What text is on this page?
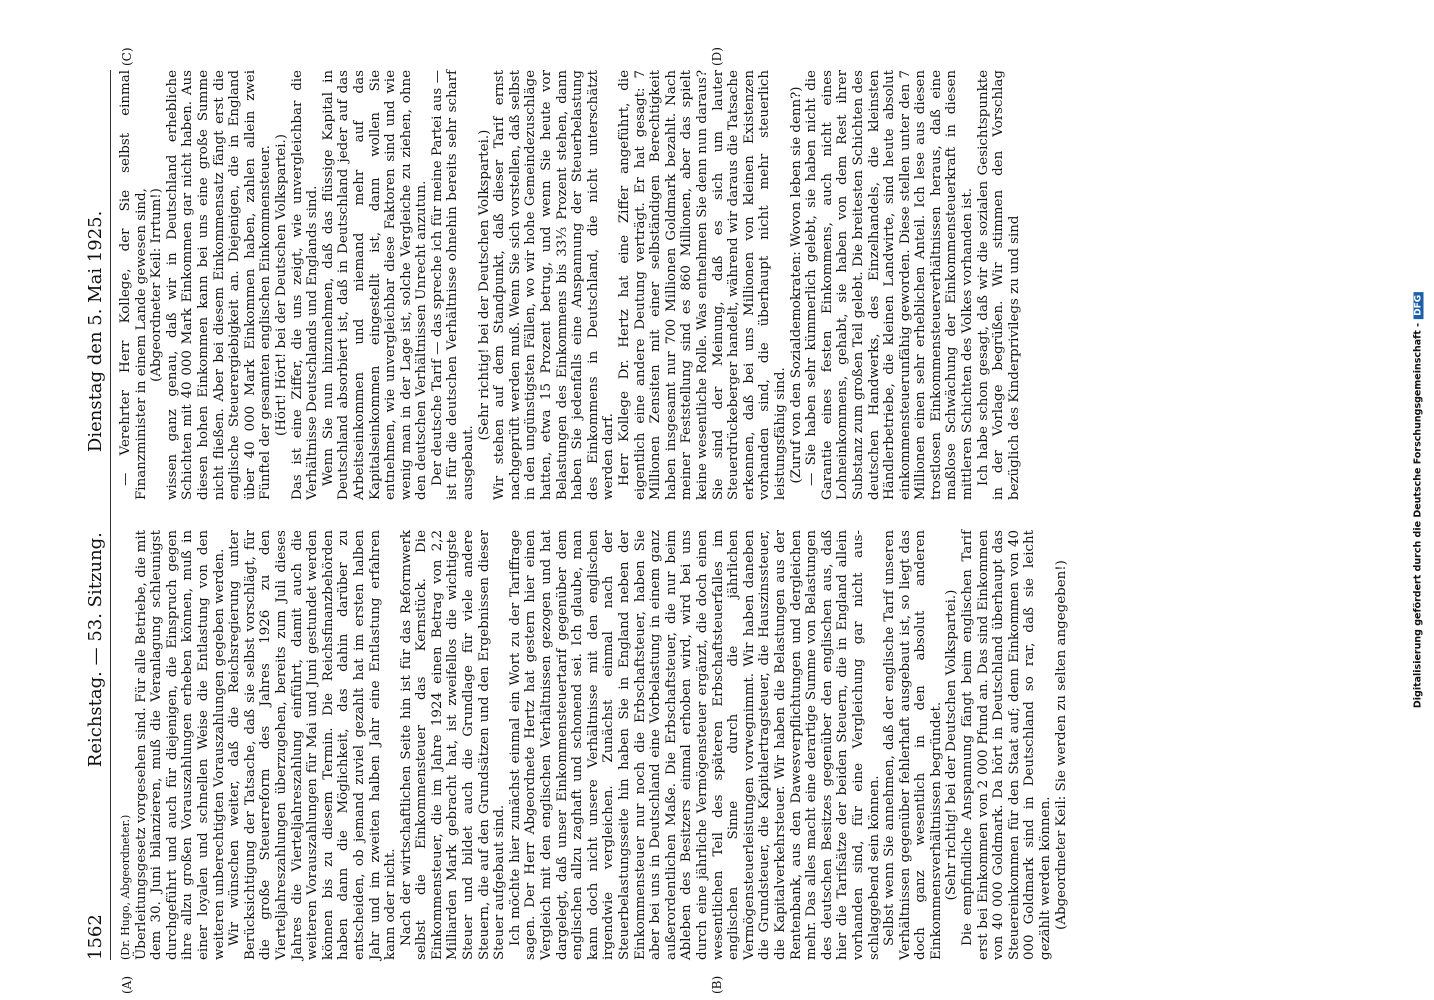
1562
Reichstag. — 53. Sitzung.
Dienstag den 5. Mai 1925.
(A)	(B)
(C)	(D)

(Dr. Hugo, Abgeordneter.) Überleitungsgesetz vorgesehen sind. Für alle Betriebe, die mit dem 30. Juni bilanzieren, muß die Veranlagung schleunigst durchgeführt und auch für diejenigen, die Einspruch gegen ihre allzu großen Vorauszahlungen erheben können, muß in einer loyalen und schnellen Weise die Entlastung von den weiteren unberechtigten Vorauszahlungen gegeben werden. Wir wünschen weiter, daß die Reichsregierung unter Berücksichtigung der Tatsache, daß sie selbst vorschlägt, für die große Steuerreform des Jahres 1926 zu den Vierteljahreszahlungen überzugehen, bereits zum Juli dieses Jahres die Vierteljahreszahlung einführt, damit auch die weiteren Vorauszahlungen für Mai und Juni gestundet werden können bis zu diesem Termin. Die Reichsfinanzbehörden haben dann die Möglichkeit, das dahin darüber zu entscheiden, ob jemand zuviel gezahlt hat im ersten halben Jahr und im zweiten halben Jahr eine Entlastung erfahren kann oder nicht. Nach der wirtschaftlichen Seite hin ist für das Reformwerk selbst die Einkommensteuer das Kernstück. Die Einkommensteuer, die im Jahre 1924 einen Betrag von 2,2 Milliarden Mark gebracht hat, ist zweifellos die wichtigste Steuer und bildet auch die Grundlage für viele andere Steuern, die auf den Grundsätzen und den Ergebnissen dieser Steuer aufgebaut sind. Ich möchte hier zunächst einmal ein Wort zu der Tariffrage sagen. Der Herr Abgeordnete Hertz hat gestern hier einen Vergleich mit den englischen Verhältnissen gezogen und hat dargelegt, daß unser Einkommensteuertarif gegenüber dem englischen allzu zaghaft und schonend sei. Ich glaube, man kann doch nicht unsere Verhältnisse mit den englischen irgendwie vergleichen. Zunächst einmal nach der Steuerbelastungsseite hin haben Sie in England neben der Einkommensteuer nur noch die Erbschaftsteuer, haben Sie aber bei uns in Deutschland eine Vorbelastung in einem ganz außerordentlichen Maße. Die Erbschaftsteuer, die nur beim Ableben des Besitzers einmal erhoben wird, wird bei uns durch eine jährliche Vermögensteuer ergänzt, die doch einen wesentlichen Teil des späteren Erbschaftsteuerfalles im englischen Sinne durch die jährlichen Vermögensteuerleistungen vorwegnimmt. Wir haben daneben die Grundsteuer, die Kapitalertragsteuer, die Hauszinssteuer, die Kapitalverkehrsteuer. Wir haben die Belastungen aus der Rentenbank, aus den Dawesverpflichtungen und dergleichen mehr. Das alles macht eine derartige Summe von Belastungen des deutschen Besitzes gegenüber den englischen aus, daß hier die Tarifsätze der beiden Steuern, die in England allein vorhanden sind, für eine Vergleichung gar nicht ausschlaggebend sein können. Selbst wenn Sie annehmen, daß der englische Tarif unseren Verhältnissen gegenüber fehlerhaft ausgebaut ist, so liegt das doch ganz wesentlich in den absolut anderen Einkommensverhältnissen begründet. (Sehr richtig! bei der Deutschen Volkspartei.) Die empfindliche Anspannung fängt beim englischen Tarif erst bei Einkommen von 2 000 Pfund an. Das sind Einkommen von 40 000 Goldmark. Da hört in Deutschland überhaupt das Steuereinkommen für den Staat auf; denn Einkommen von 40 000 Goldmark sind in Deutschland so rar, daß sie leicht gezählt werden können. (Abgeordneter Keil: Sie werden zu selten angegeben!)

— Verehrter Herr Kollege, der Sie selbst einmal Finanzminister in einem Lande gewesen sind, (Abgeordneter Keil: Irrtum!) wissen ganz genau, daß wir in Deutschland erhebliche Schichten mit 40 000 Mark Einkommen gar nicht haben. Aus diesen hohen Einkommen kann bei uns eine große Summe nicht fließen. Aber bei diesem Einkommensatz fängt erst die englische Steuerergiebigkeit an. Diejenigen, die in England über 40 000 Mark Einkommen haben, zahlen allein zwei Fünftel der gesamten englischen Einkommensteuer. (Hört! Hört! bei der Deutschen Volkspartei.) Das ist eine Ziffer, die uns zeigt, wie unvergleichbar die Verhältnisse Deutschlands und Englands sind. Wenn Sie nun hinzunehmen, daß das flüssige Kapital in Deutschland absorbiert ist, daß in Deutschland jeder auf das Arbeitseinkommen und niemand mehr auf das Kapitalseinkommen eingestellt ist, dann wollen Sie entnehmen, wie unvergleichbar diese Faktoren sind und wie wenig man in der Lage ist, solche Vergleiche zu ziehen, ohne den deutschen Verhältnissen Unrecht anzutun. Der deutsche Tarif — das spreche ich für meine Partei aus — ist für die deutschen Verhältnisse ohnehin bereits sehr scharf ausgebaut.

(Sehr richtig! bei der Deutschen Volkspartei.) Wir stehen auf dem Standpunkt, daß dieser Tarif ernst nachgeprüft werden muß. Wenn Sie sich vorstellen, daß selbst in den ungünstigsten Fällen, wo wir hohe Gemeindezuschläge hatten, etwa 15 Prozent betrug, und wenn Sie heute vor Belastungen des Einkommens bis 33⅓ Prozent stehen, dann haben Sie jedenfalls eine Anspannung der Steuerbelastung des Einkommens in Deutschland, die nicht unterschätzt werden darf. Herr Kollege Dr. Hertz hat eine Ziffer angeführt, die eigentlich eine andere Deutung verträgt. Er hat gesagt: 7 Millionen Zensiten mit einer selbständigen Berechtigkeit haben insgesamt nur 700 Millionen Goldmark bezahlt. Nach meiner Feststellung sind es 860 Millionen, aber das spielt keine wesentliche Rolle. Was entnehmen Sie denn nun daraus? Sie sind der Meinung, daß es sich um lauter Steuerdrückeberger handelt, während wir daraus die Tatsache erkennen, daß bei uns Millionen von kleinen Existenzen vorhanden sind, die überhaupt nicht mehr steuerlich leistungsfähig sind. (Zuruf von den Sozialdemokraten: Wovon leben sie denn?) — Sie haben sehr kümmerlich gelebt, sie haben nicht die Garantie eines festen Einkommens, auch nicht eines Lohneinkommens, gehabt, sie haben von dem Rest ihrer Substanz zum großen Teil gelebt. Die breitesten Schichten des deutschen Handwerks, des Einzelhandels, die kleinsten Händlerbetriebe, die kleinen Landwirte, sind heute absolut einkommensteuerunfähig geworden. Diese stellen unter den 7 Millionen einen sehr erheblichen Anteil. Ich lese aus diesen trostlosen Einkommensteuerverhältnissen heraus, daß eine maßlose Schwächung der Einkommensteuerkraft in diesen mittleren Schichten des Volkes vorhanden ist. Ich habe schon gesagt, daß wir die sozialen Gesichtspunkte in der Vorlage begrüßen. Wir stimmen den Vorschlag bezüglich des Kinderprivilegs zu und sind	Digitalisierung gefördert durch die Deutsche Forschungsgemeinschaft -DFG
